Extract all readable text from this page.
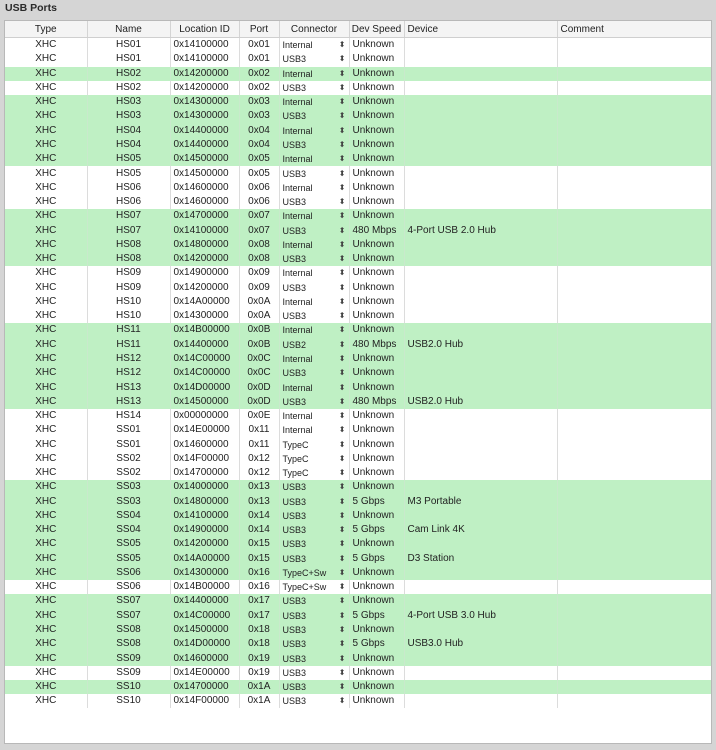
USB Ports
Type	Name	Location ID	Port	Connector	Dev Speed	Device	Comment
XHC	HS01	0x14100000	0x01	Internal ⬍	Unknown		
XHC	HS01	0x14100000	0x01	USB3 ⬍	Unknown		
XHC	HS02	0x14200000	0x02	Internal ⬍	Unknown		
XHC	HS02	0x14200000	0x02	USB3 ⬍	Unknown		
XHC	HS03	0x14300000	0x03	Internal ⬍	Unknown		
XHC	HS03	0x14300000	0x03	USB3 ⬍	Unknown		
XHC	HS04	0x14400000	0x04	Internal ⬍	Unknown		
XHC	HS04	0x14400000	0x04	USB3 ⬍	Unknown		
XHC	HS05	0x14500000	0x05	Internal ⬍	Unknown		
XHC	HS05	0x14500000	0x05	USB3 ⬍	Unknown		
XHC	HS06	0x14600000	0x06	Internal ⬍	Unknown		
XHC	HS06	0x14600000	0x06	USB3 ⬍	Unknown		
XHC	HS07	0x14700000	0x07	Internal ⬍	Unknown		
XHC	HS07	0x14100000	0x07	USB3 ⬍	480 Mbps	4-Port USB 2.0 Hub	
XHC	HS08	0x14800000	0x08	Internal ⬍	Unknown		
XHC	HS08	0x14200000	0x08	USB3 ⬍	Unknown		
XHC	HS09	0x14900000	0x09	Internal ⬍	Unknown		
XHC	HS09	0x14200000	0x09	USB3 ⬍	Unknown		
XHC	HS10	0x14A00000	0x0A	Internal ⬍	Unknown		
XHC	HS10	0x14300000	0x0A	USB3 ⬍	Unknown		
XHC	HS11	0x14B00000	0x0B	Internal ⬍	Unknown		
XHC	HS11	0x14400000	0x0B	USB2 ⬍	480 Mbps	USB2.0 Hub	
XHC	HS12	0x14C00000	0x0C	Internal ⬍	Unknown		
XHC	HS12	0x14C00000	0x0C	USB3 ⬍	Unknown		
XHC	HS13	0x14D00000	0x0D	Internal ⬍	Unknown		
XHC	HS13	0x14500000	0x0D	USB3 ⬍	480 Mbps	USB2.0 Hub	
XHC	HS14	0x00000000	0x0E	Internal ⬍	Unknown		
XHC	SS01	0x14E00000	0x11	Internal ⬍	Unknown		
XHC	SS01	0x14600000	0x11	TypeC ⬍	Unknown		
XHC	SS02	0x14F00000	0x12	TypeC ⬍	Unknown		
XHC	SS02	0x14700000	0x12	TypeC ⬍	Unknown		
XHC	SS03	0x14000000	0x13	USB3 ⬍	Unknown		
XHC	SS03	0x14800000	0x13	USB3 ⬍	5 Gbps	M3 Portable	
XHC	SS04	0x14100000	0x14	USB3 ⬍	Unknown		
XHC	SS04	0x14900000	0x14	USB3 ⬍	5 Gbps	Cam Link 4K	
XHC	SS05	0x14200000	0x15	USB3 ⬍	Unknown		
XHC	SS05	0x14A00000	0x15	USB3 ⬍	5 Gbps	D3 Station	
XHC	SS06	0x14300000	0x16	TypeC+Sw ⬍	Unknown		
XHC	SS06	0x14B00000	0x16	TypeC+Sw ⬍	Unknown		
XHC	SS07	0x14400000	0x17	USB3 ⬍	Unknown		
XHC	SS07	0x14C00000	0x17	USB3 ⬍	5 Gbps	4-Port USB 3.0 Hub	
XHC	SS08	0x14500000	0x18	USB3 ⬍	Unknown		
XHC	SS08	0x14D00000	0x18	USB3 ⬍	5 Gbps	USB3.0 Hub	
XHC	SS09	0x14600000	0x19	USB3 ⬍	Unknown		
XHC	SS09	0x14E00000	0x19	USB3 ⬍	Unknown		
XHC	SS10	0x14700000	0x1A	USB3 ⬍	Unknown		
XHC	SS10	0x14F00000	0x1A	USB3 ⬍	Unknown		
